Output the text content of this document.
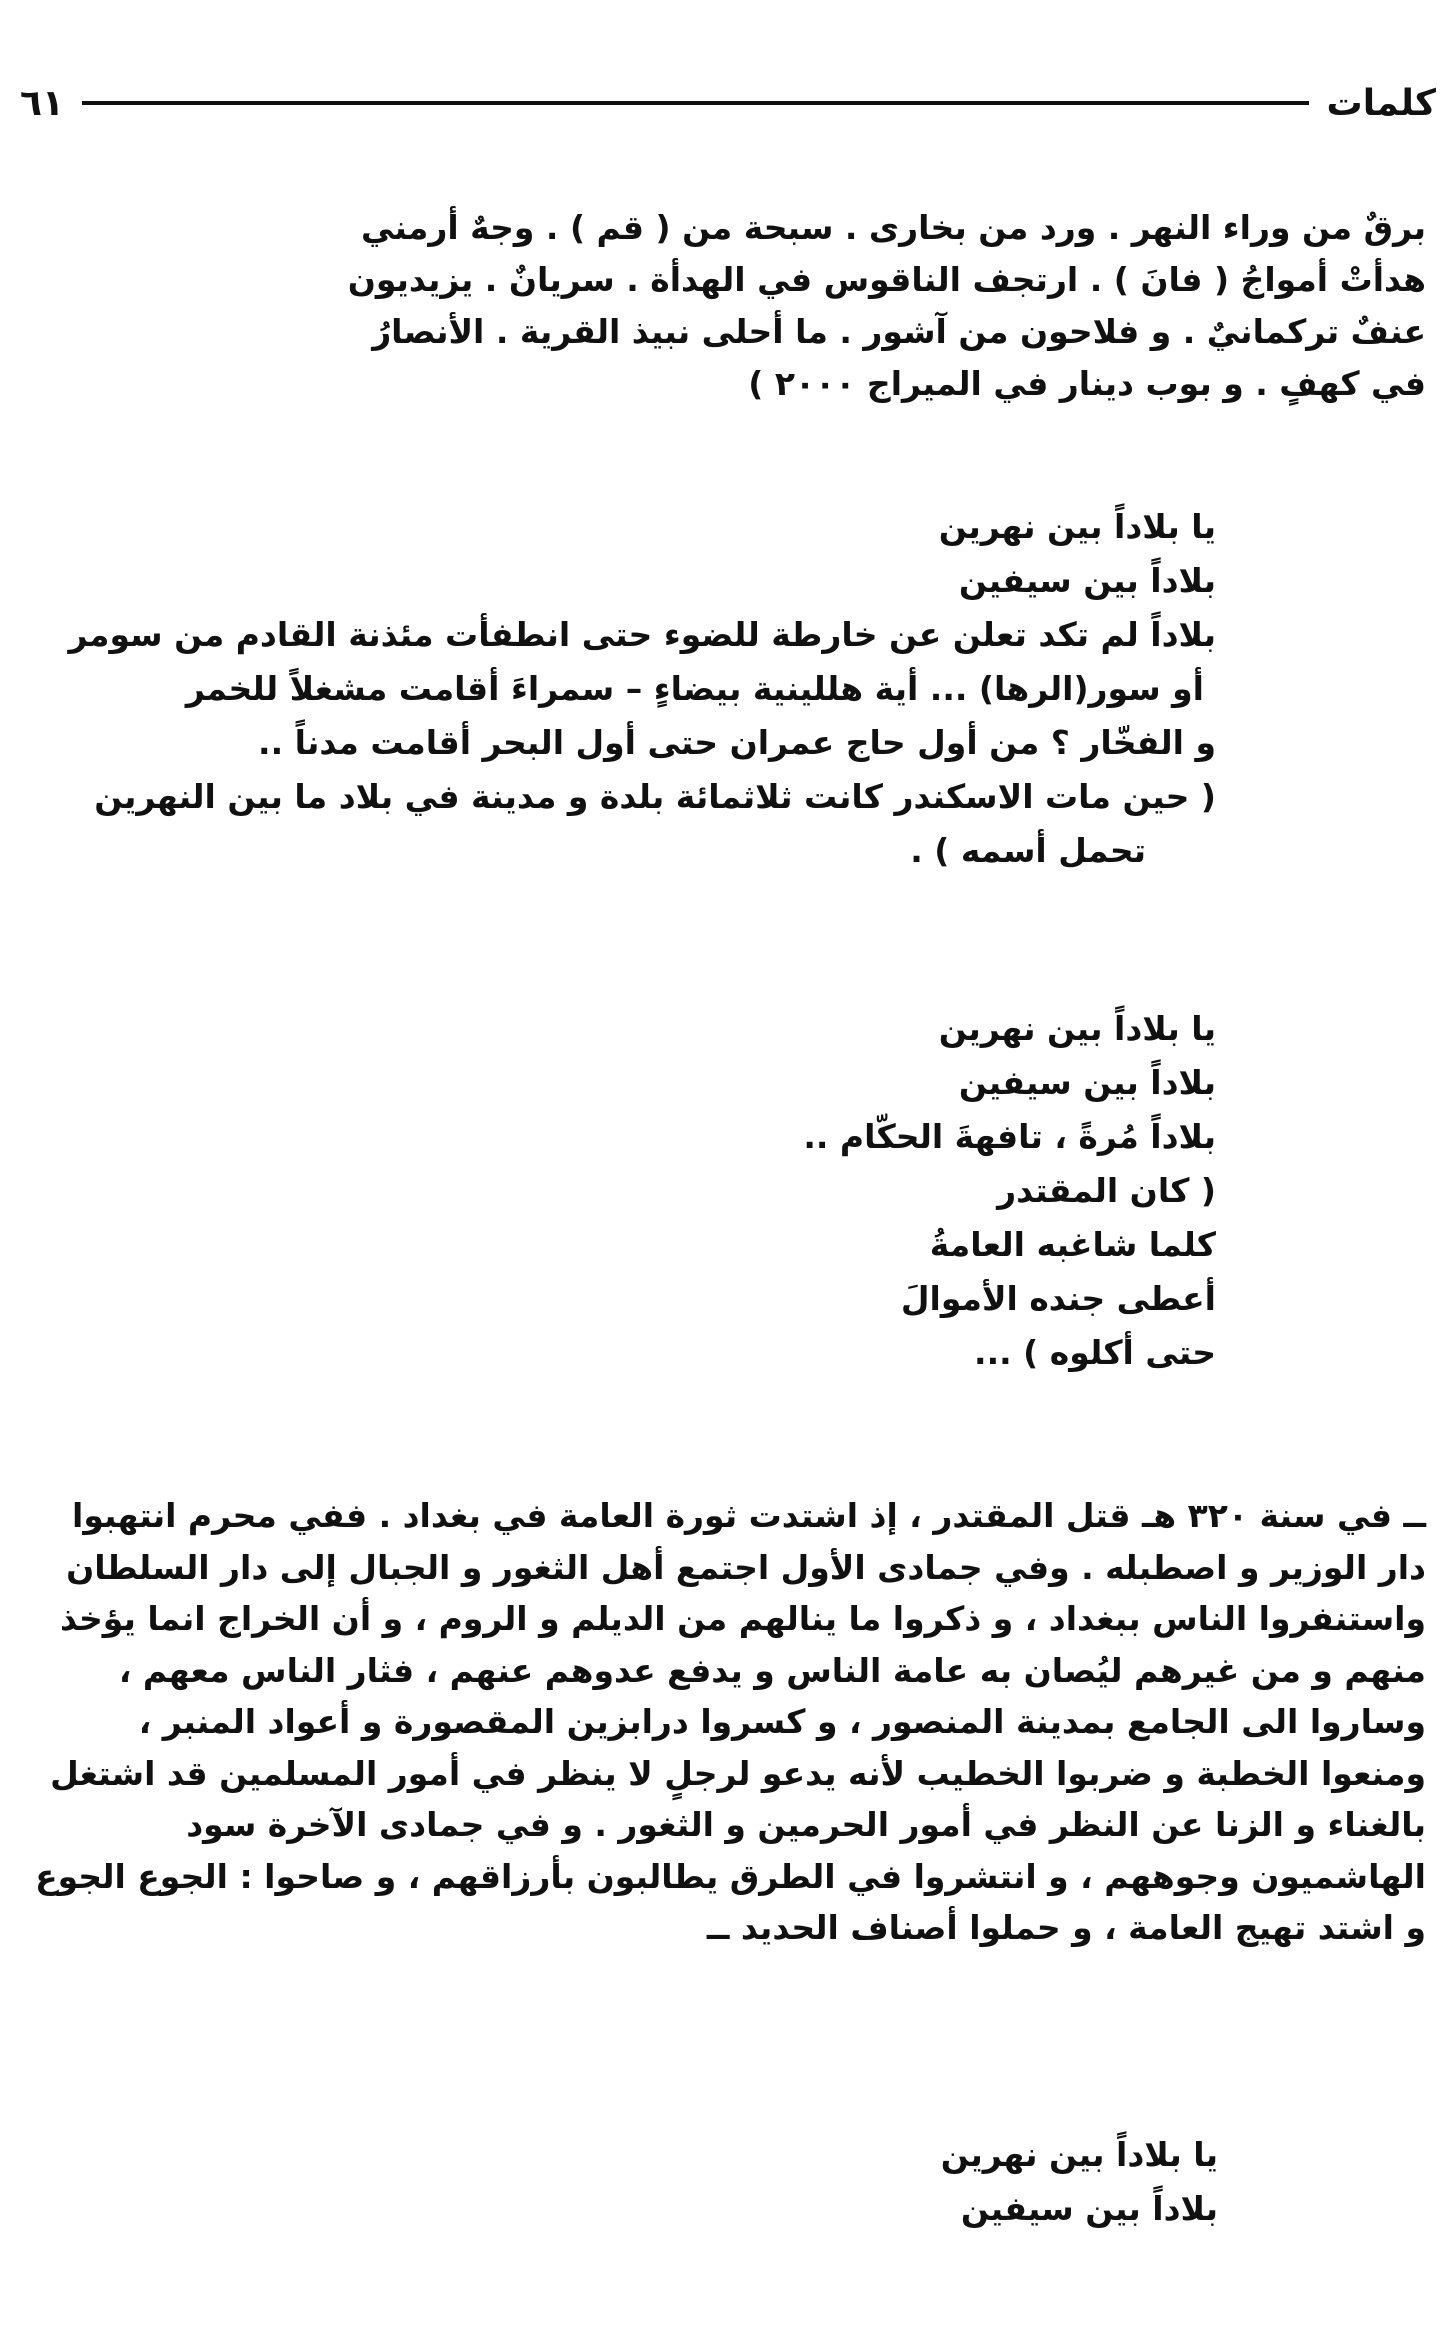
كلمات
٦١
برقٌ من وراء النهر . ورد من بخارى . سبحة من ( قم ) . وجهٌ أرمني
هدأتْ أمواجُ ( فانَ ) . ارتجف الناقوس في الهدأة . سريانٌ . يزيديون
عنفٌ تركمانيٌ . و فلاحون من آشور . ما أحلى نبيذ القرية . الأنصارُ
في كهفٍ . و بوب دينار في الميراج ٢٠٠٠ )
يا بلاداً بين نهرين
بلاداً بين سيفين
بلاداً لم تكد تعلن عن خارطة للضوء حتى انطفأت مئذنة القادم من سومر
أو سور(الرها) ... أية هللينية بيضاءٍ – سمراءَ أقامت مشغلاً للخمر
و الفخّار ؟ من أول حاج عمران حتى أول البحر أقامت مدناً ..
( حين مات الاسكندر كانت ثلاثمائة بلدة و مدينة في بلاد ما بين النهرين
تحمل أسمه ) .
يا بلاداً بين نهرين
بلاداً بين سيفين
بلاداً مُرةً ، تافهةَ الحكّام ..
( كان المقتدر
كلما شاغبه العامةُ
أعطى جنده الأموالَ
حتى أكلوه ) ...
ــ في سنة ٣٢٠ هـ قتل المقتدر ، إذ اشتدت ثورة العامة في بغداد . ففي محرم انتهبوا
دار الوزير و اصطبله . وفي جمادى الأول اجتمع أهل الثغور و الجبال إلى دار السلطان
واستنفروا الناس ببغداد ، و ذكروا ما ينالهم من الديلم و الروم ، و أن الخراج انما يؤخذ
منهم و من غيرهم ليُصان به عامة الناس و يدفع عدوهم عنهم ، فثار الناس معهم ،
وساروا الى الجامع بمدينة المنصور ، و كسروا درابزين المقصورة و أعواد المنبر ،
ومنعوا الخطبة و ضربوا الخطيب لأنه يدعو لرجلٍ لا ينظر في أمور المسلمين قد اشتغل
بالغناء و الزنا عن النظر في أمور الحرمين و الثغور . و في جمادى الآخرة سود
الهاشميون وجوههم ، و انتشروا في الطرق يطالبون بأرزاقهم ، و صاحوا : الجوع الجوع
و اشتد تهيج العامة ، و حملوا أصناف الحديد ــ
يا بلاداً بين نهرين
بلاداً بين سيفين
